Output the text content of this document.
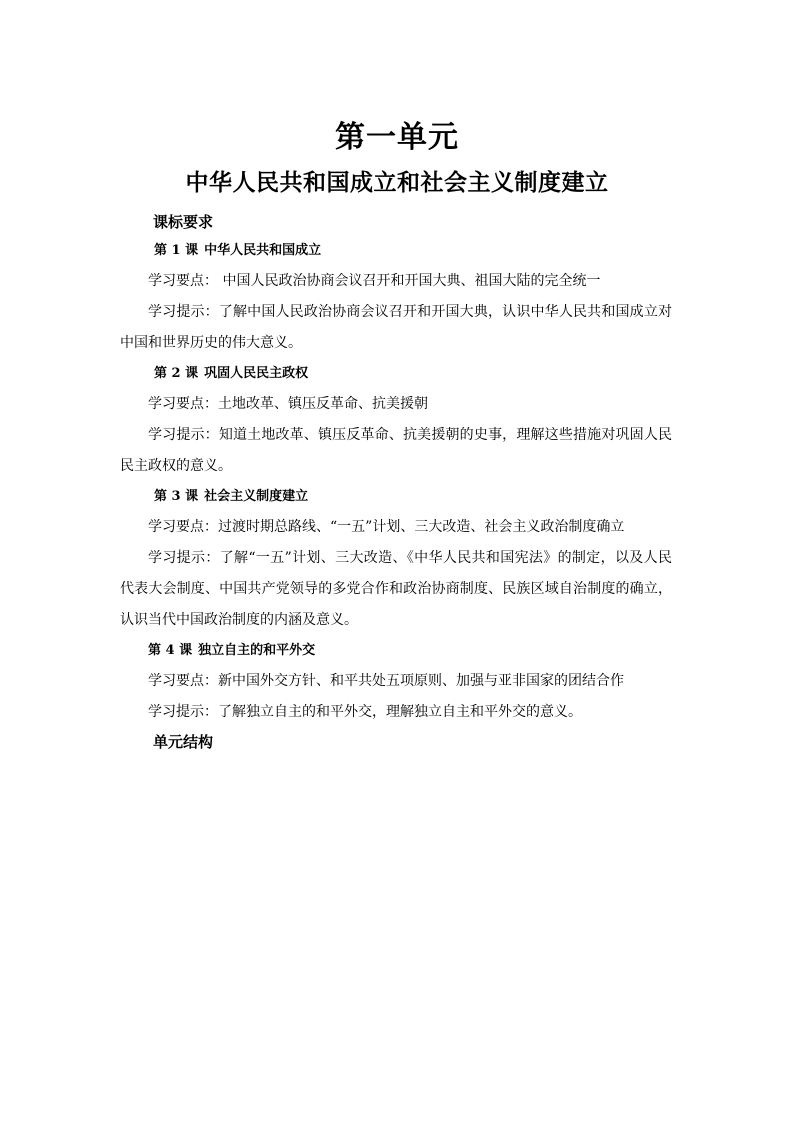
第一单元
中华人民共和国成立和社会主义制度建立
课标要求
第 1 课 中华人民共和国成立

学习要点： 中国人民政治协商会议召开和开国大典、祖国大陆的完全统一

学习提示：了解中国人民政治协商会议召开和开国大典，认识中华人民共和国成立对中国和世界历史的伟大意义。

第 2 课 巩固人民民主政权

学习要点：土地改革、镇压反革命、抗美援朝

学习提示：知道土地改革、镇压反革命、抗美援朝的史事，理解这些措施对巩固人民民主政权的意义。

第 3 课 社会主义制度建立

学习要点：过渡时期总路线、“一五”计划、三大改造、社会主义政治制度确立

学习提示：了解“一五”计划、三大改造、《中华人民共和国宪法》的制定，以及人民代表大会制度、中国共产党领导的多党合作和政治协商制度、民族区域自治制度的确立，认识当代中国政治制度的内涵及意义。

第 4 课 独立自主的和平外交

学习要点：新中国外交方针、和平共处五项原则、加强与亚非国家的团结合作

学习提示：了解独立自主的和平外交，理解独立自主和平外交的意义。

单元结构
